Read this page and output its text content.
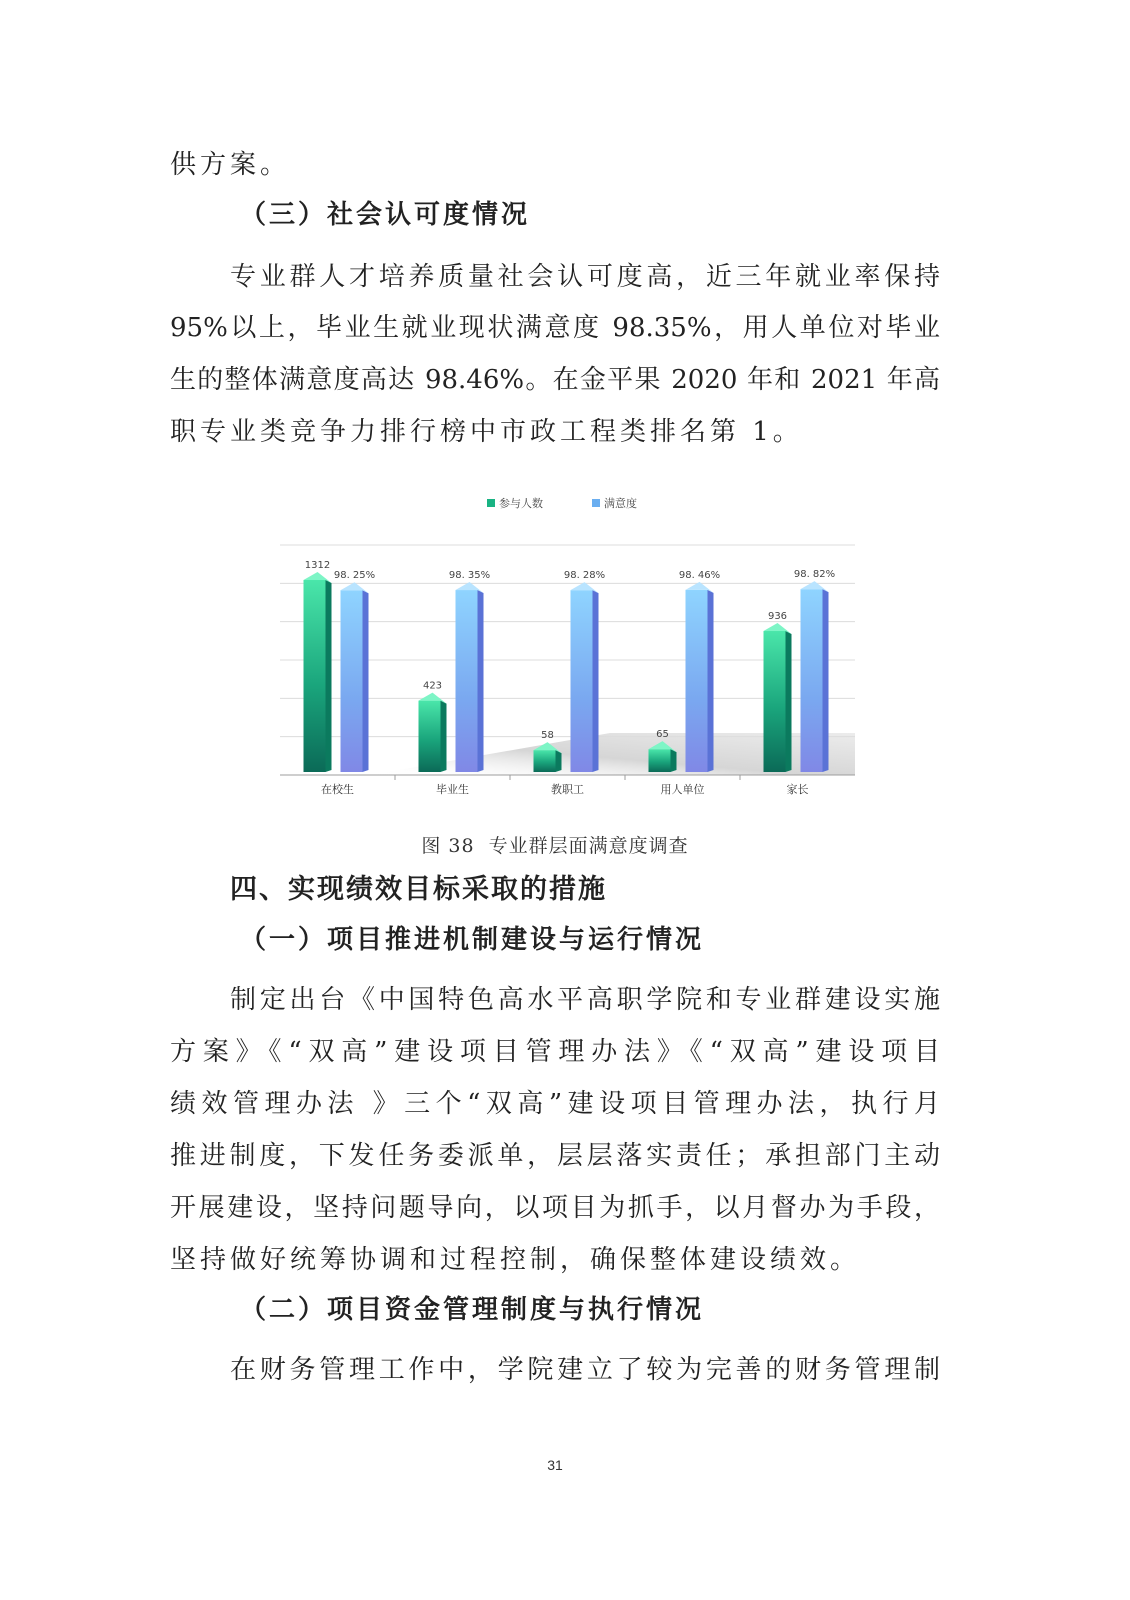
供方案。
（三）社会认可度情况
专业群人才培养质量社会认可度高，近三年就业率保持
95%以上，毕业生就业现状满意度 98.35%，用人单位对毕业
生的整体满意度高达 98.46%。在金平果 2020 年和 2021 年高
职专业类竞争力排行榜中市政工程类排名第 1。
参与人数	满意度
1312
98. 25%
在校生
423
98. 35%
毕业生
58
98. 28%
教职工
65
98. 46%
用人单位
936
98. 82%
家长
图 38  专业群层面满意度调查
四、实现绩效目标采取的措施
（一）项目推进机制建设与运行情况
制定出台《中国特色高水平高职学院和专业群建设实施
方案》《“双高”建设项目管理办法》《“双高”建设项目
绩效管理办法 》三个“双高”建设项目管理办法，执行月
推进制度，下发任务委派单，层层落实责任；承担部门主动
开展建设，坚持问题导向，以项目为抓手，以月督办为手段，
坚持做好统筹协调和过程控制，确保整体建设绩效。
（二）项目资金管理制度与执行情况
在财务管理工作中，学院建立了较为完善的财务管理制
31
